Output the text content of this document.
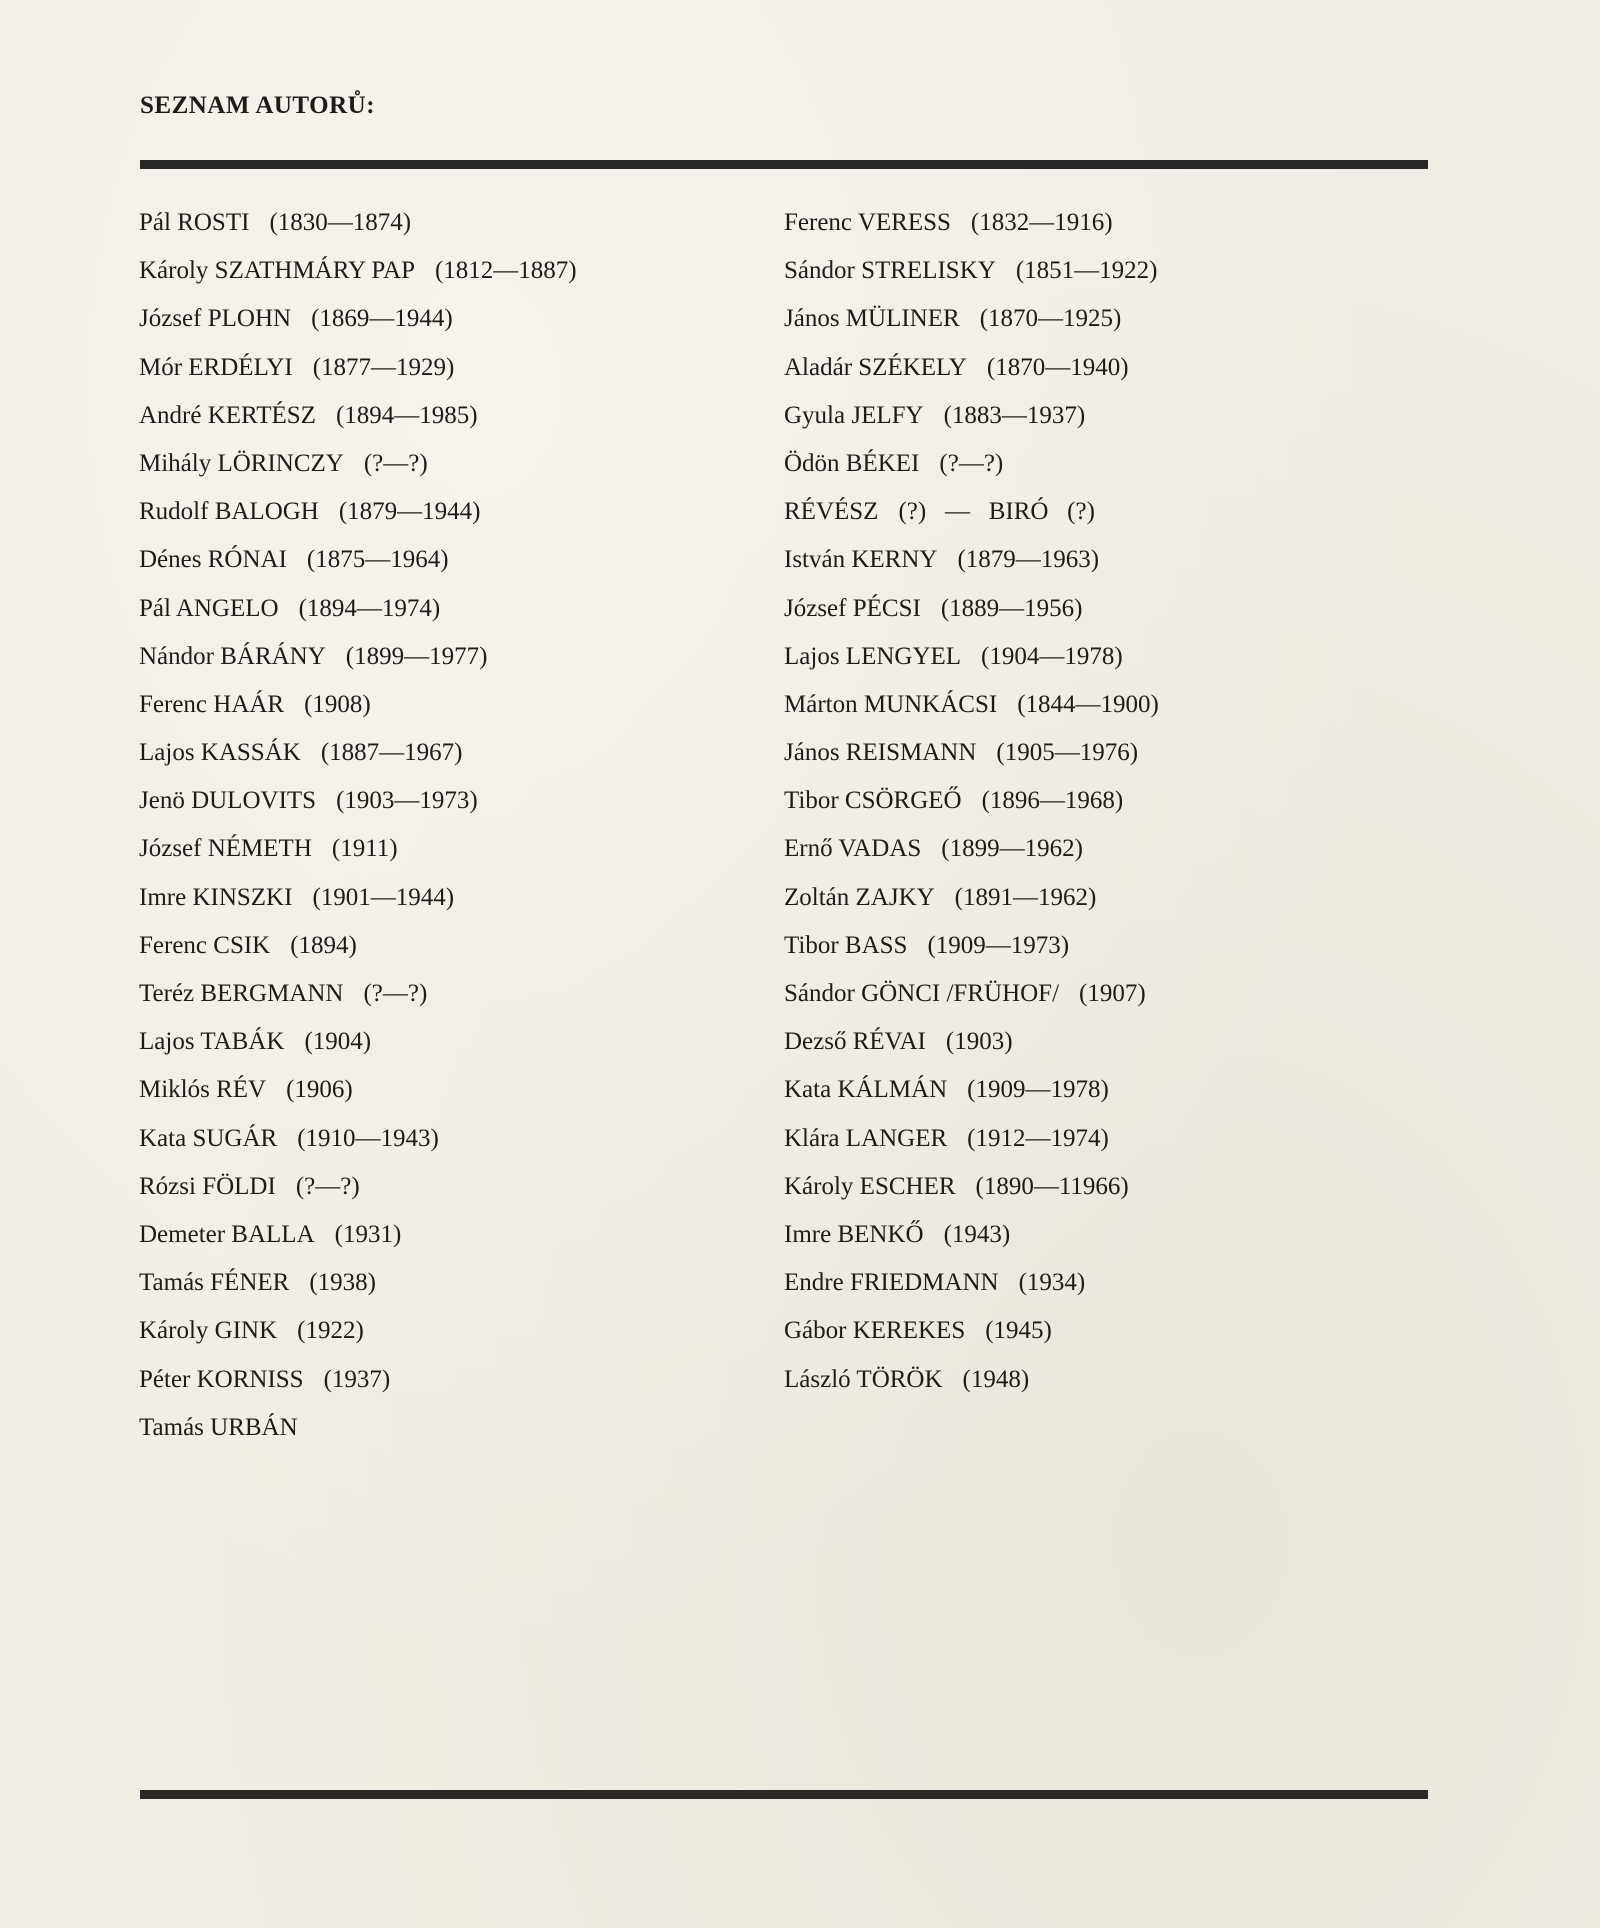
SEZNAM AUTORŮ:
Pál ROSTI (1830—1874)
Károly SZATHMÁRY PAP (1812—1887)
József PLOHN (1869—1944)
Mór ERDÉLYI (1877—1929)
André KERTÉSZ (1894—1985)
Mihály LÖRINCZY (?—?)
Rudolf BALOGH (1879—1944)
Dénes RÓNAI (1875—1964)
Pál ANGELO (1894—1974)
Nándor BÁRÁNY (1899—1977)
Ferenc HAÁR (1908)
Lajos KASSÁK (1887—1967)
Jenö DULOVITS (1903—1973)
József NÉMETH (1911)
Imre KINSZKI (1901—1944)
Ferenc CSIK (1894)
Teréz BERGMANN (?—?)
Lajos TABÁK (1904)
Miklós RÉV (1906)
Kata SUGÁR (1910—1943)
Rózsi FÖLDI (?—?)
Demeter BALLA (1931)
Tamás FÉNER (1938)
Károly GINK (1922)
Péter KORNISS (1937)
Tamás URBÁN
Ferenc VERESS (1832—1916)
Sándor STRELISKY (1851—1922)
János MÜLINER (1870—1925)
Aladár SZÉKELY (1870—1940)
Gyula JELFY (1883—1937)
Ödön BÉKEI (?—?)
RÉVÉSZ (?)   —   BIRÓ   (?)
István KERNY (1879—1963)
József PÉCSI (1889—1956)
Lajos LENGYEL (1904—1978)
Márton MUNKÁCSI (1844—1900)
János REISMANN (1905—1976)
Tibor CSÖRGEŐ (1896—1968)
Ernő VADAS (1899—1962)
Zoltán ZAJKY (1891—1962)
Tibor BASS (1909—1973)
Sándor GÖNCI /FRÜHOF/ (1907)
Dezső RÉVAI (1903)
Kata KÁLMÁN (1909—1978)
Klára LANGER (1912—1974)
Károly ESCHER (1890—11966)
Imre BENKŐ (1943)
Endre FRIEDMANN (1934)
Gábor KEREKES (1945)
László TÖRÖK (1948)
